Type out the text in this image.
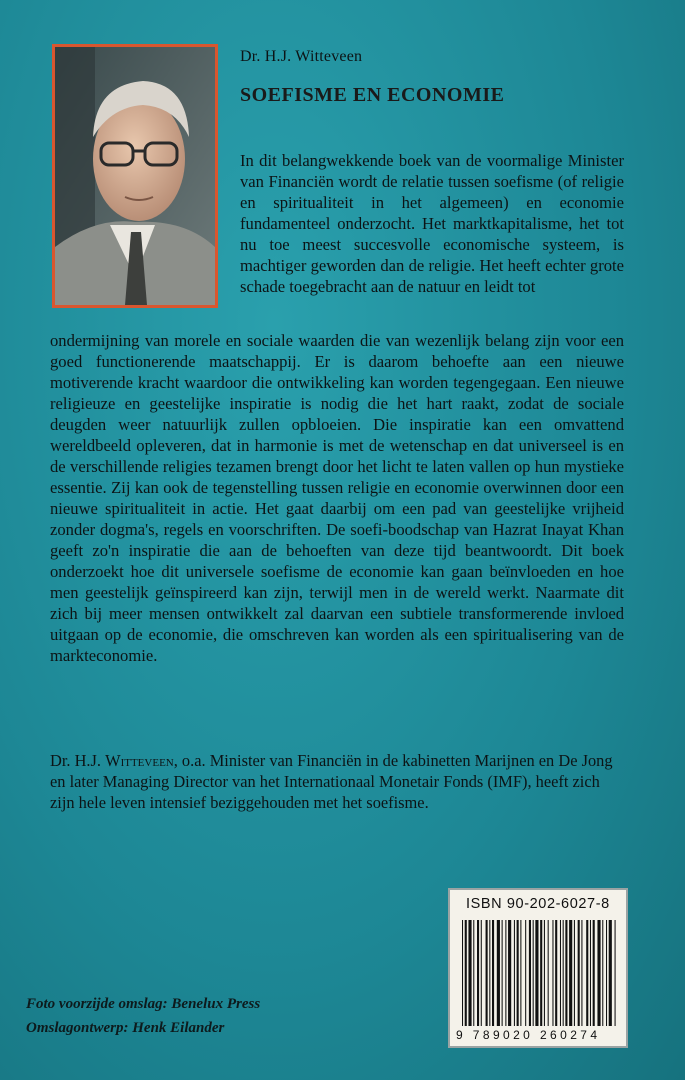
Dr. H.J. Witteveen
SOEFISME EN ECONOMIE

In dit belangwekkende boek van de voormalige Minister van Financiën wordt de relatie tussen soefisme (of religie en spiritualiteit in het algemeen) en economie fundamenteel onderzocht. Het marktkapitalisme, het tot nu toe meest succesvolle economische systeem, is machtiger geworden dan de religie. Het heeft echter grote schade toegebracht aan de natuur en leidt tot

ondermijning van morele en sociale waarden die van wezenlijk belang zijn voor een goed functionerende maatschappij. Er is daarom behoefte aan een nieuwe motiverende kracht waardoor die ontwikkeling kan worden tegengegaan. Een nieuwe religieuze en geestelijke inspiratie is nodig die het hart raakt, zodat de sociale deugden weer natuurlijk zullen opbloeien. Die inspiratie kan een omvattend wereldbeeld opleveren, dat in harmonie is met de wetenschap en dat universeel is en de verschillende religies tezamen brengt door het licht te laten vallen op hun mystieke essentie. Zij kan ook de tegenstelling tussen religie en economie overwinnen door een nieuwe spiritualiteit in actie. Het gaat daarbij om een pad van geestelijke vrijheid zonder dogma's, regels en voorschriften. De soefi-boodschap van Hazrat Inayat Khan geeft zo'n inspiratie die aan de behoeften van deze tijd beantwoordt. Dit boek onderzoekt hoe dit universele soefisme de economie kan gaan beïnvloeden en hoe men geestelijk geïnspireerd kan zijn, terwijl men in de wereld werkt. Naarmate dit zich bij meer mensen ontwikkelt zal daarvan een subtiele transformerende invloed uitgaan op de economie, die omschreven kan worden als een spiritualisering van de markteconomie.

Dr. H.J. Witteveen, o.a. Minister van Financiën in de kabinetten Marijnen en De Jong en later Managing Director van het Internationaal Monetair Fonds (IMF), heeft zich zijn hele leven intensief beziggehouden met het soefisme.

ISBN 90-202-6027-8
9 789020 260274
Foto voorzijde omslag: Benelux Press
Omslagontwerp: Henk Eilander
